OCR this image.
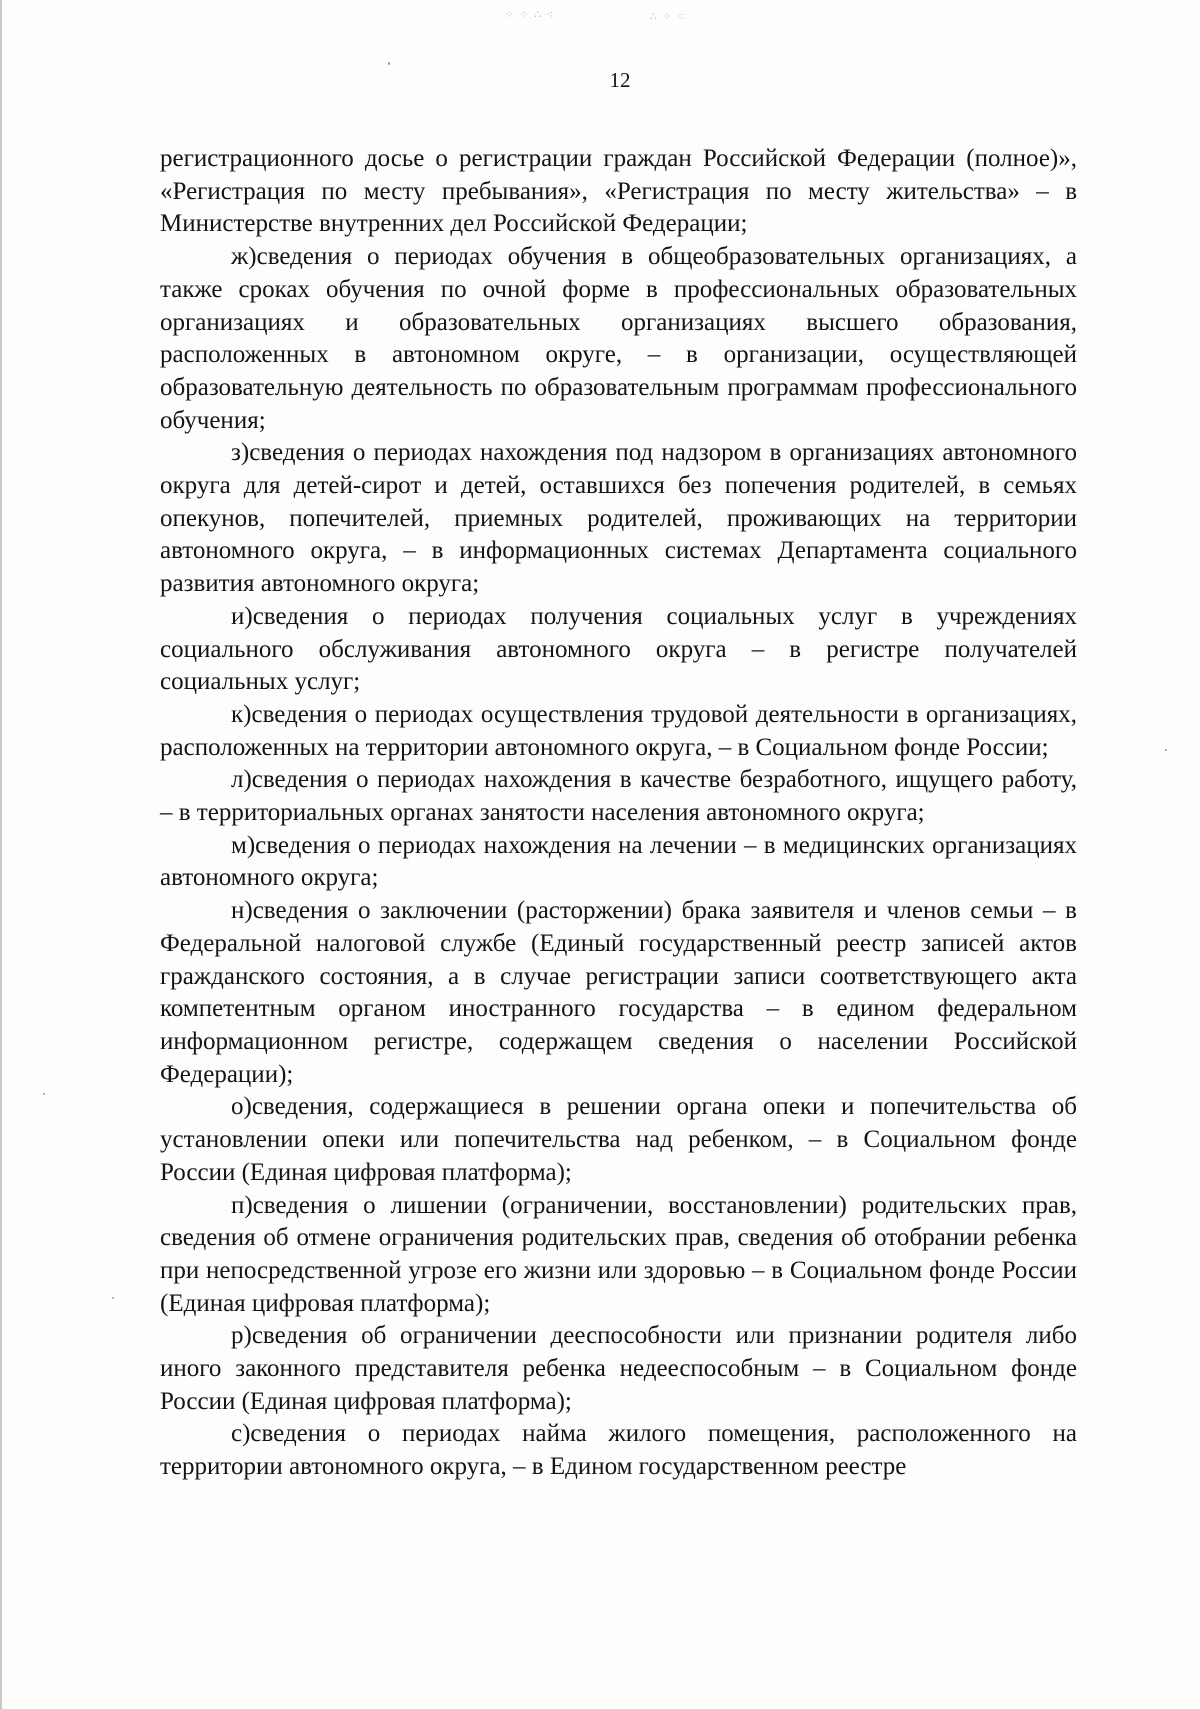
⁘ ⁘ ∴ ⁖	∴ ⁘ ⁖
12

регистрационного досье о регистрации граждан Российской Федерации (полное)», «Регистрация по месту пребывания», «Регистрация по месту жительства» – в Министерстве внутренних дел Российской Федерации;

ж)сведения о периодах обучения в общеобразовательных организациях, а также сроках обучения по очной форме в профессиональных образовательных организациях и образовательных организациях высшего образования, расположенных в автономном округе, – в организации, осуществляющей образовательную деятельность по образовательным программам профессионального обучения;

з)сведения о периодах нахождения под надзором в организациях автономного округа для детей-сирот и детей, оставшихся без попечения родителей, в семьях опекунов, попечителей, приемных родителей, проживающих на территории автономного округа, – в информационных системах Департамента социального развития автономного округа;

и)сведения о периодах получения социальных услуг в учреждениях социального обслуживания автономного округа – в регистре получателей социальных услуг;

к)сведения о периодах осуществления трудовой деятельности в организациях, расположенных на территории автономного округа, – в Социальном фонде России;

л)сведения о периодах нахождения в качестве безработного, ищущего работу, – в территориальных органах занятости населения автономного округа;

м)сведения о периодах нахождения на лечении – в медицинских организациях автономного округа;

н)сведения о заключении (расторжении) брака заявителя и членов семьи – в Федеральной налоговой службе (Единый государственный реестр записей актов гражданского состояния, а в случае регистрации записи соответствующего акта компетентным органом иностранного государства – в едином федеральном информационном регистре, содержащем сведения о населении Российской Федерации);

о)сведения, содержащиеся в решении органа опеки и попечительства об установлении опеки или попечительства над ребенком, – в Социальном фонде России (Единая цифровая платформа);

п)сведения о лишении (ограничении, восстановлении) родительских прав, сведения об отмене ограничения родительских прав, сведения об отобрании ребенка при непосредственной угрозе его жизни или здоровью – в Социальном фонде России (Единая цифровая платформа);

р)сведения об ограничении дееспособности или признании родителя либо иного законного представителя ребенка недееспособным – в Социальном фонде России (Единая цифровая платформа);

с)сведения о периодах найма жилого помещения, расположенного на территории автономного округа, – в Едином государственном реестре
